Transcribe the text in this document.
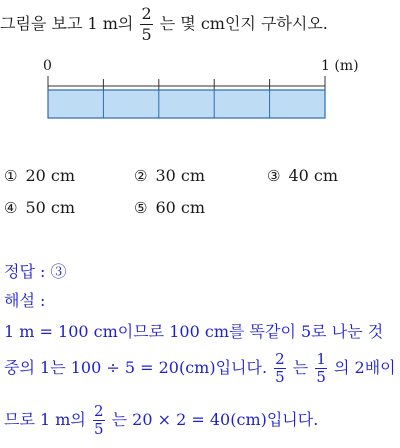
그림을 보고 1 m의 $\frac{2}{5}$ 는 몇 cm인지 구하시오.
0	1 (m)
① 20 cm	② 30 cm	③ 40 cm
④ 50 cm	⑤ 60 cm
정답 : ③
해설 :
1 m = 100 cm이므로 100 cm를 똑같이 5로 나눈 것
중의 1는 100 ÷ 5 = 20(cm)입니다. $\frac{2}{5}$ 는 $\frac{1}{5}$ 의 2배이
므로 1 m의 $\frac{2}{5}$ 는 20 × 2 = 40(cm)입니다.
